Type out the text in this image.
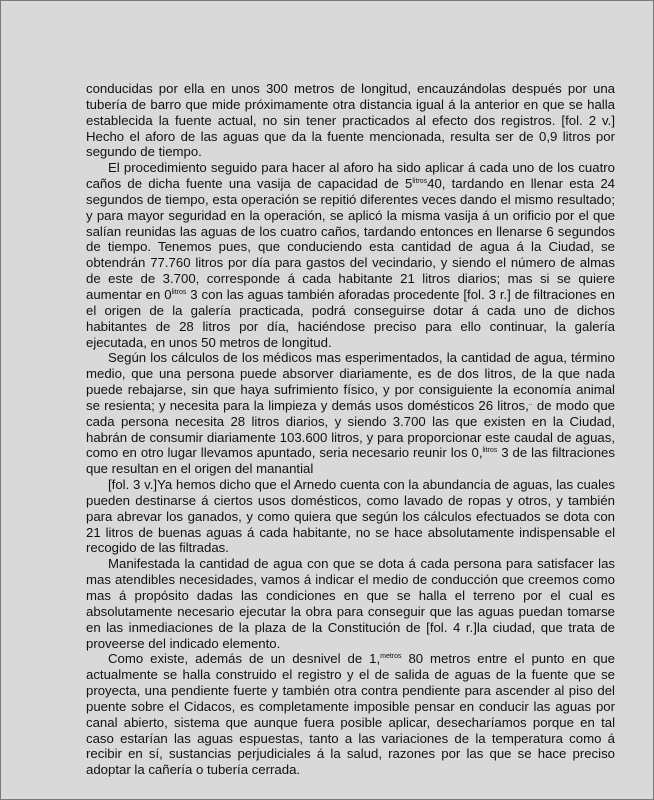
conducidas por ella en unos 300 metros de longitud, encauzándolas después por una tubería de barro que mide próximamente otra distancia igual á la anterior en que se halla establecida la fuente actual, no sin tener practicados al efecto dos registros. [fol. 2 v.] Hecho el aforo de las aguas que da la fuente mencionada, resulta ser de 0,9 litros por segundo de tiempo.

El procedimiento seguido para hacer al aforo ha sido aplicar á cada uno de los cuatro caños de dicha fuente una vasija de capacidad de $5^{litros}40$, tardando en llenar esta 24 segundos de tiempo, esta operación se repitió diferentes veces dando el mismo resultado; y para mayor seguridad en la operación, se aplicó la misma vasija á un orificio por el que salían reunidas las aguas de los cuatro caños, tardando entonces en llenarse 6 segundos de tiempo. Tenemos pues, que conduciendo esta cantidad de agua á la Ciudad, se obtendrán 77.760 litros por día para gastos del vecindario, y siendo el número de almas de este de 3.700, corresponde á cada habitante 21 litros diarios; mas si se quiere aumentar en $0^{litros}$ 3 con las aguas también aforadas procedente [fol. 3 r.] de filtraciones en el origen de la galería practicada, podrá conseguirse dotar á cada uno de dichos habitantes de 28 litros por día, haciéndose preciso para ello continuar, la galería ejecutada, en unos 50 metros de longitud.

Según los cálculos de los médicos mas esperimentados, la cantidad de agua, término medio, que una persona puede absorver diariamente, es de dos litros, de la que nada puede rebajarse, sin que haya sufrimiento físico, y por consiguiente la economía animal se resienta; y necesita para la limpieza y demás usos domésticos 26 litros,.. de modo que cada persona necesita 28 litros diarios, y siendo 3.700 las que existen en la Ciudad, habrán de consumir diariamente 103.600 litros, y para proporcionar este caudal de aguas, como en otro lugar llevamos apuntado, seria necesario reunir los 0,$^{litros}$ 3 de las filtraciones que resultan en el origen del manantial

[fol. 3 v.]Ya hemos dicho que el Arnedo cuenta con la abundancia de aguas, las cuales pueden destinarse á ciertos usos domésticos, como lavado de ropas y otros, y también para abrevar los ganados, y como quiera que según los cálculos efectuados se dota con 21 litros de buenas aguas á cada habitante, no se hace absolutamente indispensable el recogido de las filtradas.

Manifestada la cantidad de agua con que se dota á cada persona para satisfacer las mas atendibles necesidades, vamos á indicar el medio de conducción que creemos como mas á propósito dadas las condiciones en que se halla el terreno por el cual es absolutamente necesario ejecutar la obra para conseguir que las aguas puedan tomarse en las inmediaciones de la plaza de la Constitución de [fol. 4 r.]la ciudad, que trata de proveerse del indicado elemento.

Como existe, además de un desnivel de 1,$^{metros}$ 80 metros entre el punto en que actualmente se halla construido el registro y el de salida de aguas de la fuente que se proyecta, una pendiente fuerte y también otra contra pendiente para ascender al piso del puente sobre el Cidacos, es completamente imposible pensar en conducir las aguas por canal abierto, sistema que aunque fuera posible aplicar, desecharíamos porque en tal caso estarían las aguas espuestas, tanto a las variaciones de la temperatura como á recibir en sí, sustancias perjudiciales á la salud, razones por las que se hace preciso adoptar la cañería o tubería cerrada.
